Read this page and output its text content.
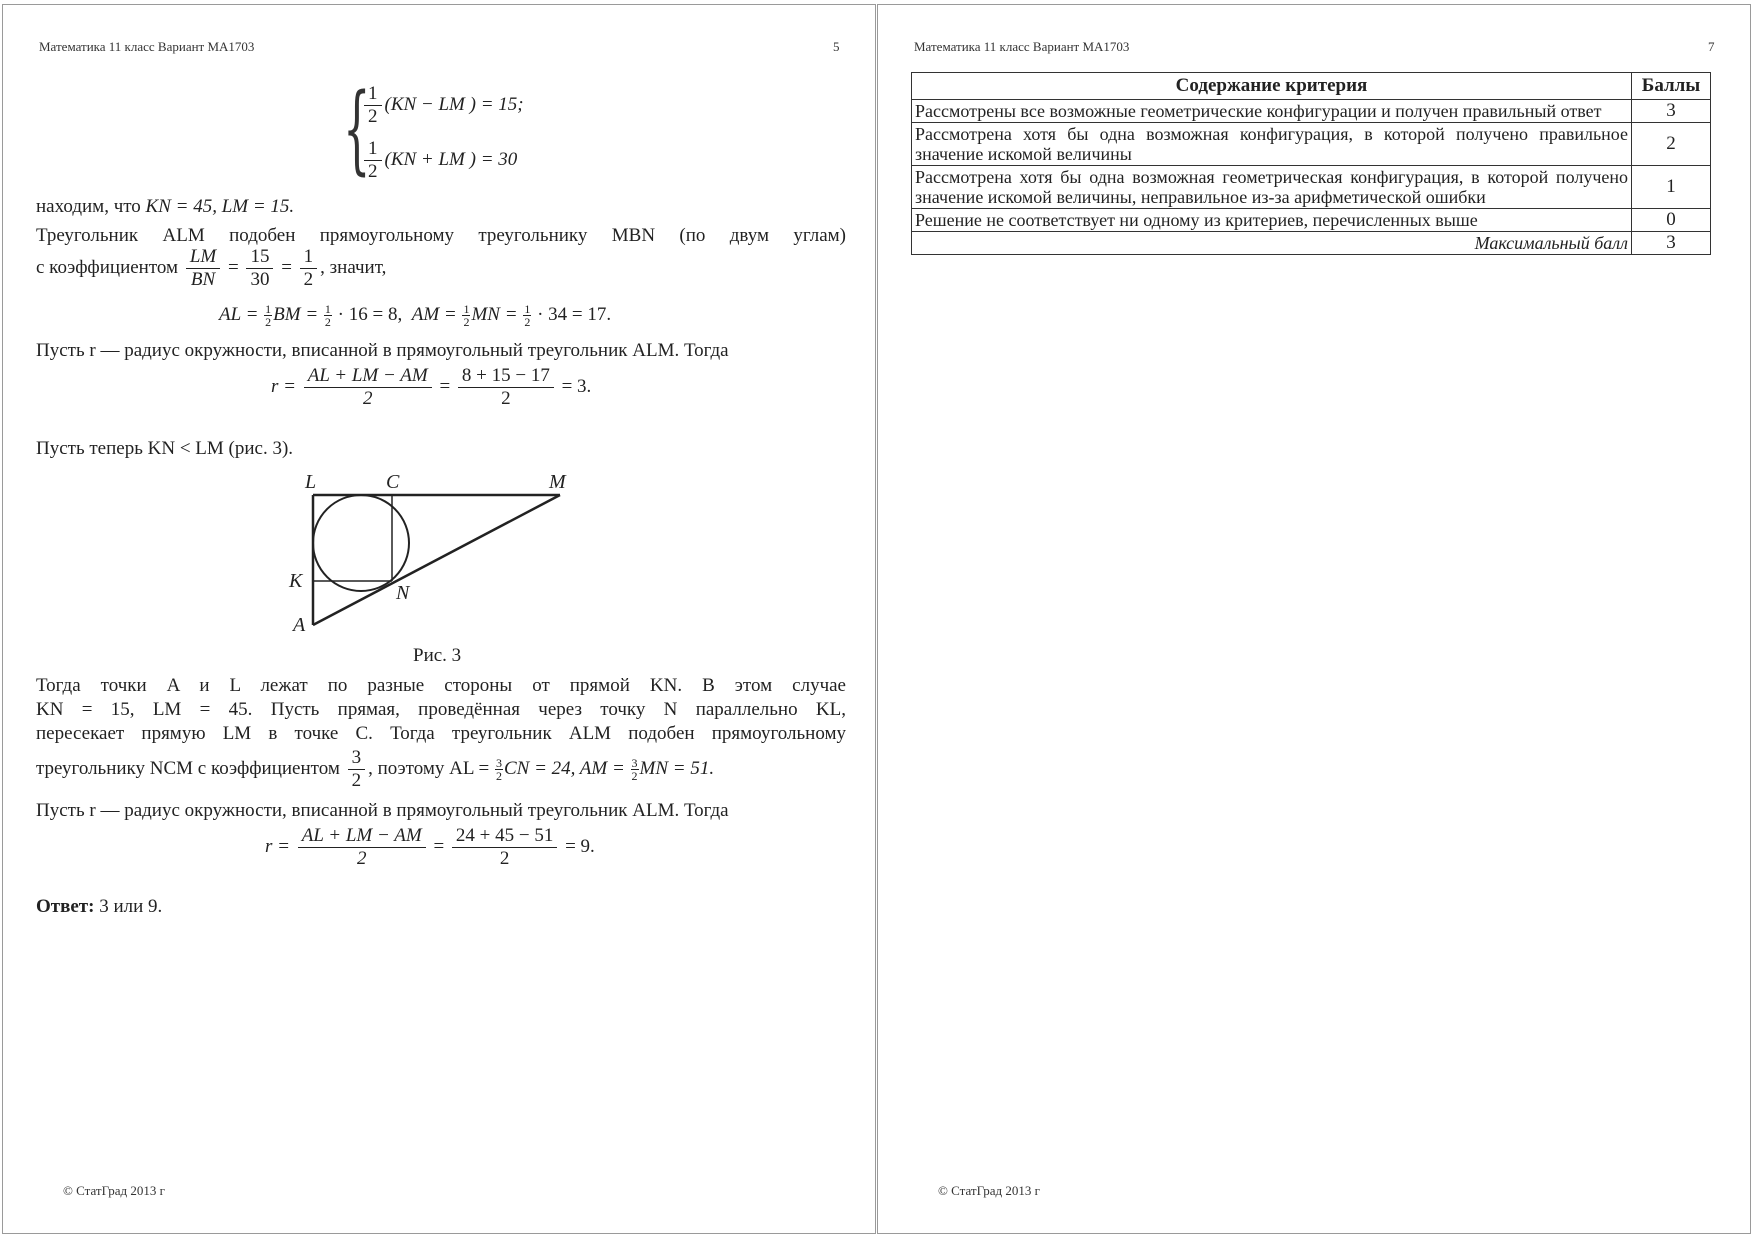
Математика 11 класс Вариант МА1703	5
{
$\frac{1}{2} (KN$ − LM ) = 15;
$\frac{1}{2} (KN$ + LM ) = 30
находим, что KN = 45, LM = 15.
Треугольник ALM подобен прямоугольному треугольнику MBN (по двум углам)
с коэффициентом $\frac{LM}{BN} = \frac{15}{30} = \frac{1}{2}$ , значит,
AL = $\frac{1}{2}$ BM = $\frac{1}{2} \cdot 16 = 8$, AM = $\frac{1}{2}$ MN = $\frac{1}{2} \cdot 34 = 17$.
Пусть r — радиус окружности, вписанной в прямоугольный треугольник ALM. Тогда
$r = \frac{AL + LM - AM}{2} = \frac{8 + 15 - 17}{2} = 3$.
Пусть теперь KN < LM (рис. 3).
L	C	M
K
N
A
Рис. 3
Тогда точки A и L лежат по разные стороны от прямой KN. В этом случае
KN = 15, LM = 45. Пусть прямая, проведённая через точку N параллельно KL,
пересекает прямую LM в точке C. Тогда треугольник ALM подобен прямоугольному
треугольнику NCM с коэффициентом $\frac{3}{2}$ , поэтому AL = $\frac{3}{2}$ CN = 24, AM = $\frac{3}{2}$ MN = 51.
Пусть r — радиус окружности, вписанной в прямоугольный треугольник ALM. Тогда
$r = \frac{AL + LM - AM}{2} = \frac{24 + 45 - 51}{2} = 9$.
Ответ: 3 или 9.
© СтатГрад 2013 г
Математика 11 класс Вариант МА1703	7
Содержание критерия	Баллы
Рассмотрены все возможные геометрические конфигурации и получен правильный ответ	3
Рассмотрена хотя бы одна возможная конфигурация, в которой получено правильное значение искомой величины	2
Рассмотрена хотя бы одна возможная геометрическая конфигурация, в которой получено значение искомой величины, неправильное из-за арифметической ошибки	1
Решение не соответствует ни одному из критериев, перечисленных выше	0
Максимальный балл	3
© СтатГрад 2013 г
